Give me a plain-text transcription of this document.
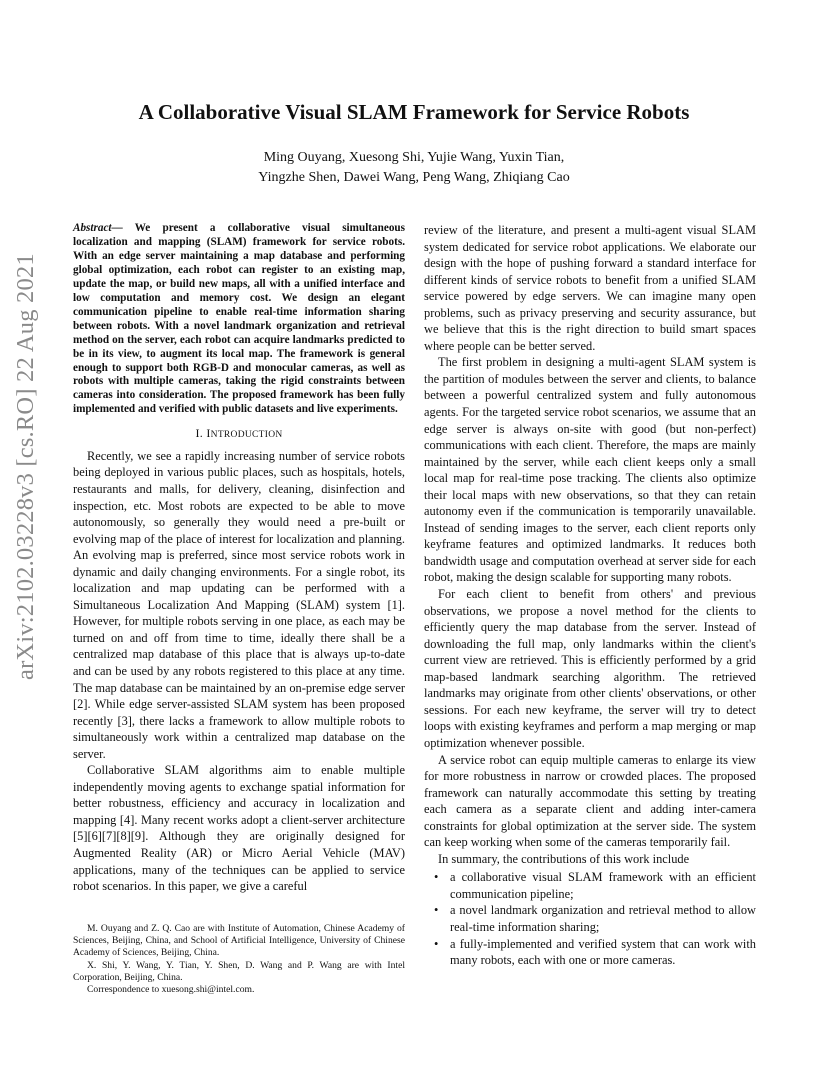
arXiv:2102.03228v3 [cs.RO] 22 Aug 2021
A Collaborative Visual SLAM Framework for Service Robots
Ming Ouyang, Xuesong Shi, Yujie Wang, Yuxin Tian,
Yingzhe Shen, Dawei Wang, Peng Wang, Zhiqiang Cao
Abstract— We present a collaborative visual simultaneous localization and mapping (SLAM) framework for service robots. With an edge server maintaining a map database and performing global optimization, each robot can register to an existing map, update the map, or build new maps, all with a unified interface and low computation and memory cost. We design an elegant communication pipeline to enable real-time information sharing between robots. With a novel landmark organization and retrieval method on the server, each robot can acquire landmarks predicted to be in its view, to augment its local map. The framework is general enough to support both RGB-D and monocular cameras, as well as robots with multiple cameras, taking the rigid constraints between cameras into consideration. The proposed framework has been fully implemented and verified with public datasets and live experiments.
I. INTRODUCTION

Recently, we see a rapidly increasing number of service robots being deployed in various public places, such as hospitals, hotels, restaurants and malls, for delivery, cleaning, disinfection and inspection, etc. Most robots are expected to be able to move autonomously, so generally they would need a pre-built or evolving map of the place of interest for localization and planning. An evolving map is preferred, since most service robots work in dynamic and daily changing environments. For a single robot, its localization and map updating can be performed with a Simultaneous Localization And Mapping (SLAM) system [1]. However, for multiple robots serving in one place, as each may be turned on and off from time to time, ideally there shall be a centralized map database of this place that is always up-to-date and can be used by any robots registered to this place at any time. The map database can be maintained by an on-premise edge server [2]. While edge server-assisted SLAM system has been proposed recently [3], there lacks a framework to allow multiple robots to simultaneously work within a centralized map database on the server.

Collaborative SLAM algorithms aim to enable multiple independently moving agents to exchange spatial information for better robustness, efficiency and accuracy in localization and mapping [4]. Many recent works adopt a client-server architecture [5][6][7][8][9]. Although they are originally designed for Augmented Reality (AR) or Micro Aerial Vehicle (MAV) applications, many of the techniques can be applied to service robot scenarios. In this paper, we give a careful

M. Ouyang and Z. Q. Cao are with Institute of Automation, Chinese Academy of Sciences, Beijing, China, and School of Artificial Intelligence, University of Chinese Academy of Sciences, Beijing, China.

X. Shi, Y. Wang, Y. Tian, Y. Shen, D. Wang and P. Wang are with Intel Corporation, Beijing, China.

Correspondence to xuesong.shi@intel.com.

review of the literature, and present a multi-agent visual SLAM system dedicated for service robot applications. We elaborate our design with the hope of pushing forward a standard interface for different kinds of service robots to benefit from a unified SLAM service powered by edge servers. We can imagine many open problems, such as privacy preserving and security assurance, but we believe that this is the right direction to build smart spaces where people can be better served.

The first problem in designing a multi-agent SLAM system is the partition of modules between the server and clients, to balance between a powerful centralized system and fully autonomous agents. For the targeted service robot scenarios, we assume that an edge server is always on-site with good (but non-perfect) communications with each client. Therefore, the maps are mainly maintained by the server, while each client keeps only a small local map for real-time pose tracking. The clients also optimize their local maps with new observations, so that they can retain autonomy even if the communication is temporarily unavailable. Instead of sending images to the server, each client reports only keyframe features and optimized landmarks. It reduces both bandwidth usage and computation overhead at server side for each robot, making the design scalable for supporting many robots.

For each client to benefit from others' and previous observations, we propose a novel method for the clients to efficiently query the map database from the server. Instead of downloading the full map, only landmarks within the client's current view are retrieved. This is efficiently performed by a grid map-based landmark searching algorithm. The retrieved landmarks may originate from other clients' observations, or other sessions. For each new keyframe, the server will try to detect loops with existing keyframes and perform a map merging or map optimization whenever possible.

A service robot can equip multiple cameras to enlarge its view for more robustness in narrow or crowded places. The proposed framework can naturally accommodate this setting by treating each camera as a separate client and adding inter-camera constraints for global optimization at the server side. The system can keep working when some of the cameras temporarily fail.

In summary, the contributions of this work include

• a collaborative visual SLAM framework with an efficient communication pipeline;
• a novel landmark organization and retrieval method to allow real-time information sharing;
• a fully-implemented and verified system that can work with many robots, each with one or more cameras.
